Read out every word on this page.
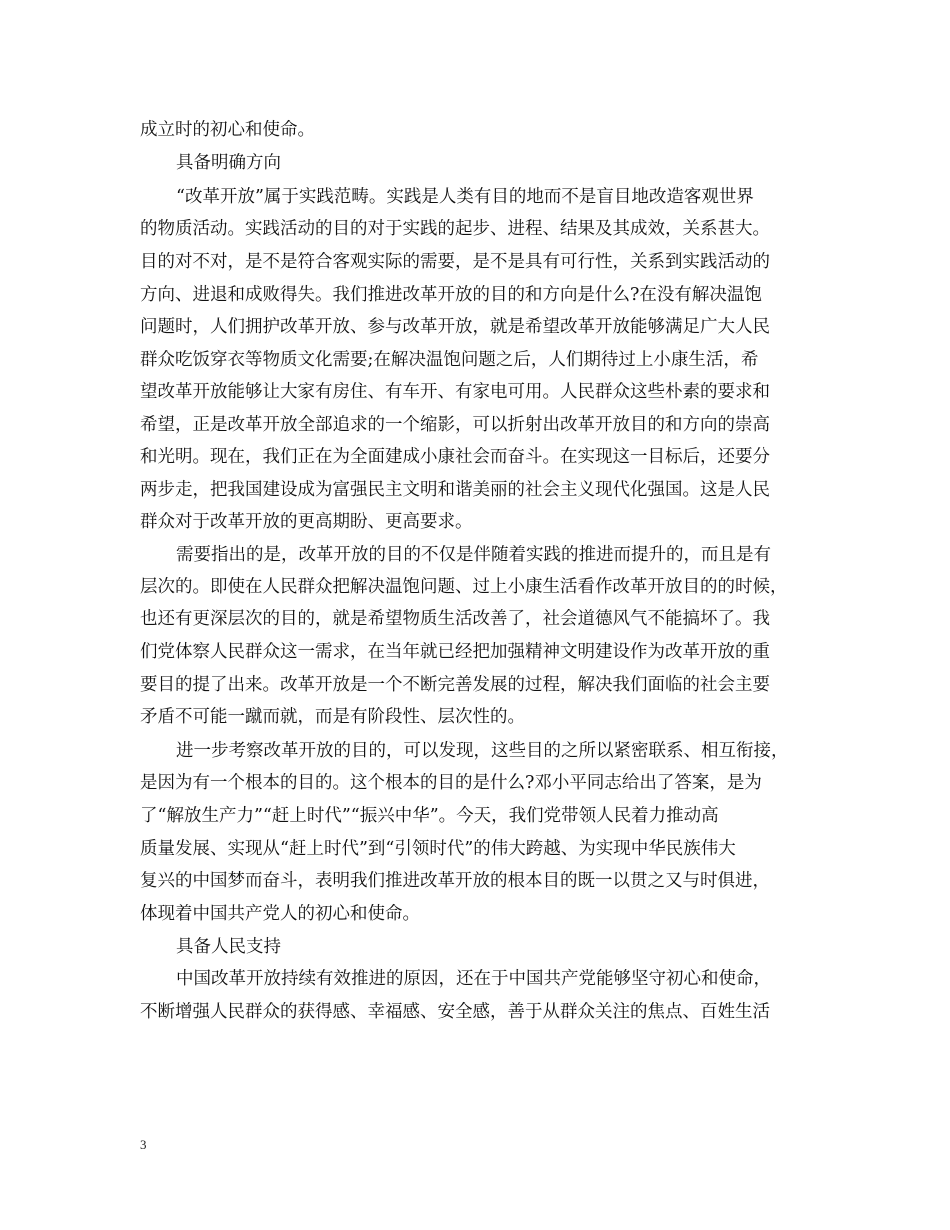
成立时的初心和使命。
具备明确方向
“改革开放”属于实践范畴。实践是人类有目的地而不是盲目地改造客观世界
的物质活动。实践活动的目的对于实践的起步、进程、结果及其成效，关系甚大。
目的对不对，是不是符合客观实际的需要，是不是具有可行性，关系到实践活动的
方向、进退和成败得失。我们推进改革开放的目的和方向是什么?在没有解决温饱
问题时，人们拥护改革开放、参与改革开放，就是希望改革开放能够满足广大人民
群众吃饭穿衣等物质文化需要;在解决温饱问题之后，人们期待过上小康生活，希
望改革开放能够让大家有房住、有车开、有家电可用。人民群众这些朴素的要求和
希望，正是改革开放全部追求的一个缩影，可以折射出改革开放目的和方向的崇高
和光明。现在，我们正在为全面建成小康社会而奋斗。在实现这一目标后，还要分
两步走，把我国建设成为富强民主文明和谐美丽的社会主义现代化强国。这是人民
群众对于改革开放的更高期盼、更高要求。
需要指出的是，改革开放的目的不仅是伴随着实践的推进而提升的，而且是有
层次的。即使在人民群众把解决温饱问题、过上小康生活看作改革开放目的的时候，
也还有更深层次的目的，就是希望物质生活改善了，社会道德风气不能搞坏了。我
们党体察人民群众这一需求，在当年就已经把加强精神文明建设作为改革开放的重
要目的提了出来。改革开放是一个不断完善发展的过程，解决我们面临的社会主要
矛盾不可能一蹴而就，而是有阶段性、层次性的。
进一步考察改革开放的目的，可以发现，这些目的之所以紧密联系、相互衔接，
是因为有一个根本的目的。这个根本的目的是什么?邓小平同志给出了答案，是为
了“解放生产力”“赶上时代”“振兴中华”。今天，我们党带领人民着力推动高
质量发展、实现从“赶上时代”到“引领时代”的伟大跨越、为实现中华民族伟大
复兴的中国梦而奋斗，表明我们推进改革开放的根本目的既一以贯之又与时俱进，
体现着中国共产党人的初心和使命。
具备人民支持
中国改革开放持续有效推进的原因，还在于中国共产党能够坚守初心和使命，
不断增强人民群众的获得感、幸福感、安全感，善于从群众关注的焦点、百姓生活
3
